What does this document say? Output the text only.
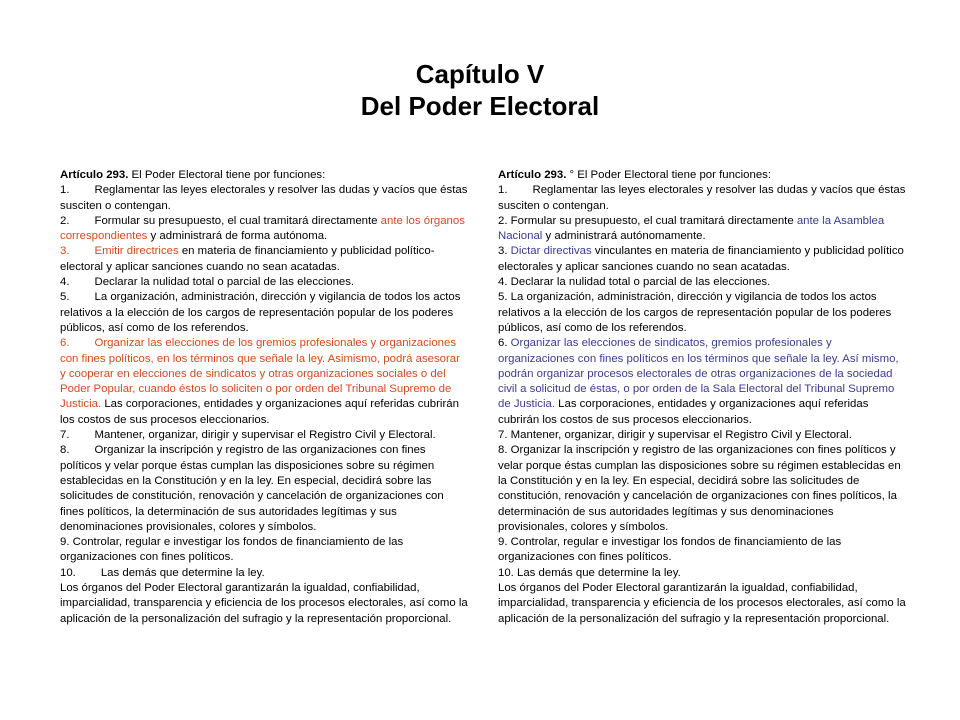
Capítulo V
Del Poder Electoral

Artículo 293. El Poder Electoral tiene por funciones:

1. Reglamentar las leyes electorales y resolver las dudas y vacíos que éstas susciten o contengan.

2. Formular su presupuesto, el cual tramitará directamente ante los órganos correspondientes y administrará de forma autónoma.

3. Emitir directrices en materia de financiamiento y publicidad político-electoral y aplicar sanciones cuando no sean acatadas.

4. Declarar la nulidad total o parcial de las elecciones.

5. La organización, administración, dirección y vigilancia de todos los actos relativos a la elección de los cargos de representación popular de los poderes públicos, así como de los referendos.

6. Organizar las elecciones de los gremios profesionales y organizaciones con fines políticos, en los términos que señale la ley. Asimismo, podrá asesorar y cooperar en elecciones de sindicatos y otras organizaciones sociales o del Poder Popular, cuando éstos lo soliciten o por orden del Tribunal Supremo de Justicia. Las corporaciones, entidades y organizaciones aquí referidas cubrirán los costos de sus procesos eleccionarios.

7. Mantener, organizar, dirigir y supervisar el Registro Civil y Electoral.

8. Organizar la inscripción y registro de las organizaciones con fines políticos y velar porque éstas cumplan las disposiciones sobre su régimen establecidas en la Constitución y en la ley. En especial, decidirá sobre las solicitudes de constitución, renovación y cancelación de organizaciones con fines políticos, la determinación de sus autoridades legítimas y sus denominaciones provisionales, colores y símbolos.

9. Controlar, regular e investigar los fondos de financiamiento de las organizaciones con fines políticos.

10. Las demás que determine la ley.

Los órganos del Poder Electoral garantizarán la igualdad, confiabilidad, imparcialidad, transparencia y eficiencia de los procesos electorales, así como la aplicación de la personalización del sufragio y la representación proporcional.

Artículo 293. ° El Poder Electoral tiene por funciones:

1. Reglamentar las leyes electorales y resolver las dudas y vacíos que éstas susciten o contengan.

2. Formular su presupuesto, el cual tramitará directamente ante la Asamblea Nacional y administrará autónomamente.

3. Dictar directivas vinculantes en materia de financiamiento y publicidad político electorales y aplicar sanciones cuando no sean acatadas.

4. Declarar la nulidad total o parcial de las elecciones.

5. La organización, administración, dirección y vigilancia de todos los actos relativos a la elección de los cargos de representación popular de los poderes públicos, así como de los referendos.

6. Organizar las elecciones de sindicatos, gremios profesionales y organizaciones con fines políticos en los términos que señale la ley. Así mismo, podrán organizar procesos electorales de otras organizaciones de la sociedad civil a solicitud de éstas, o por orden de la Sala Electoral del Tribunal Supremo de Justicia. Las corporaciones, entidades y organizaciones aquí referidas cubrirán los costos de sus procesos eleccionarios.

7. Mantener, organizar, dirigir y supervisar el Registro Civil y Electoral.

8. Organizar la inscripción y registro de las organizaciones con fines políticos y velar porque éstas cumplan las disposiciones sobre su régimen establecidas en la Constitución y en la ley. En especial, decidirá sobre las solicitudes de constitución, renovación y cancelación de organizaciones con fines políticos, la determinación de sus autoridades legítimas y sus denominaciones provisionales, colores y símbolos.

9. Controlar, regular e investigar los fondos de financiamiento de las organizaciones con fines políticos.

10. Las demás que determine la ley.

Los órganos del Poder Electoral garantizarán la igualdad, confiabilidad, imparcialidad, transparencia y eficiencia de los procesos electorales, así como la aplicación de la personalización del sufragio y la representación proporcional.
